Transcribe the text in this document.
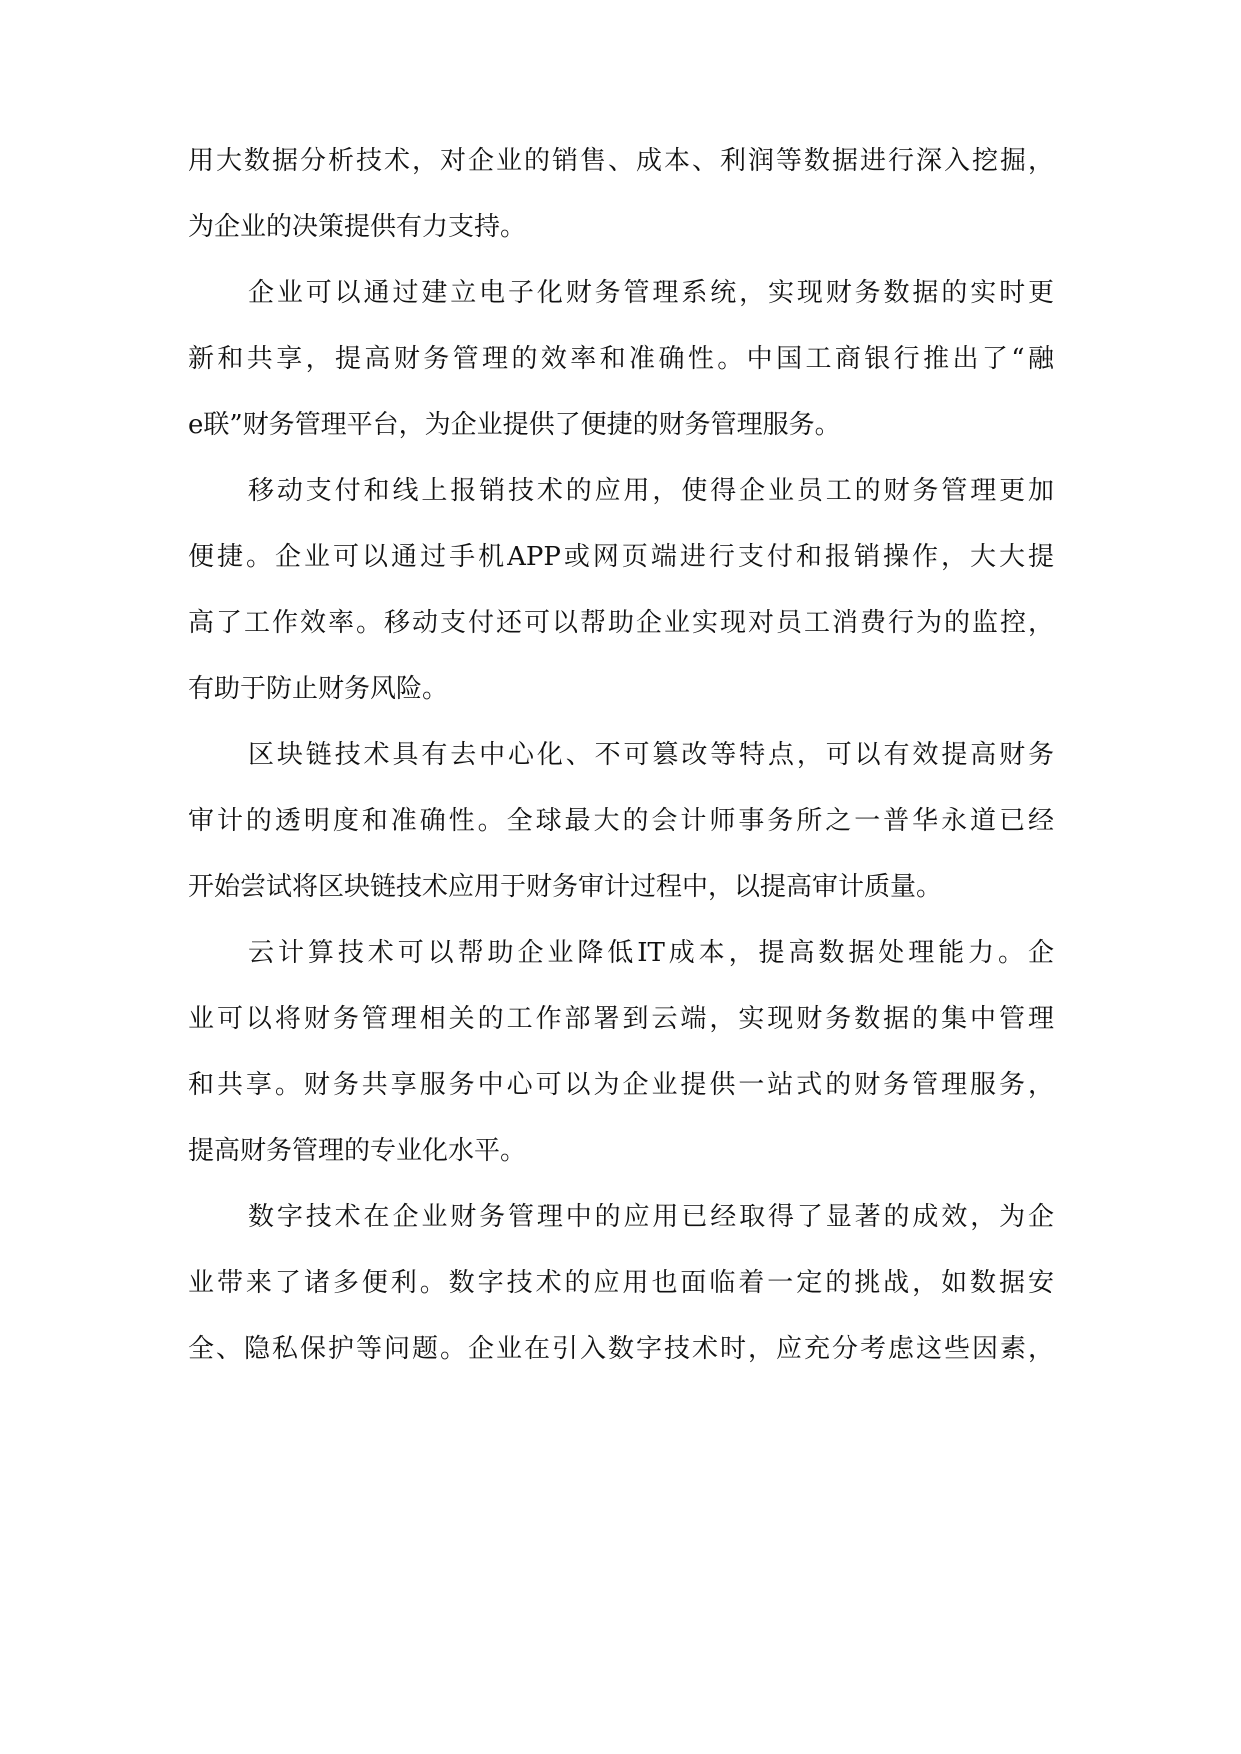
用大数据分析技术，对企业的销售、成本、利润等数据进行深入挖掘，
为企业的决策提供有力支持。
企业可以通过建立电子化财务管理系统，实现财务数据的实时更
新和共享，提高财务管理的效率和准确性。中国工商银行推出了“融
e联”财务管理平台，为企业提供了便捷的财务管理服务。
移动支付和线上报销技术的应用，使得企业员工的财务管理更加
便捷。企业可以通过手机APP或网页端进行支付和报销操作，大大提
高了工作效率。移动支付还可以帮助企业实现对员工消费行为的监控，
有助于防止财务风险。
区块链技术具有去中心化、不可篡改等特点，可以有效提高财务
审计的透明度和准确性。全球最大的会计师事务所之一普华永道已经
开始尝试将区块链技术应用于财务审计过程中，以提高审计质量。
云计算技术可以帮助企业降低IT成本，提高数据处理能力。企
业可以将财务管理相关的工作部署到云端，实现财务数据的集中管理
和共享。财务共享服务中心可以为企业提供一站式的财务管理服务，
提高财务管理的专业化水平。
数字技术在企业财务管理中的应用已经取得了显著的成效，为企
业带来了诸多便利。数字技术的应用也面临着一定的挑战，如数据安
全、隐私保护等问题。企业在引入数字技术时，应充分考虑这些因素，
